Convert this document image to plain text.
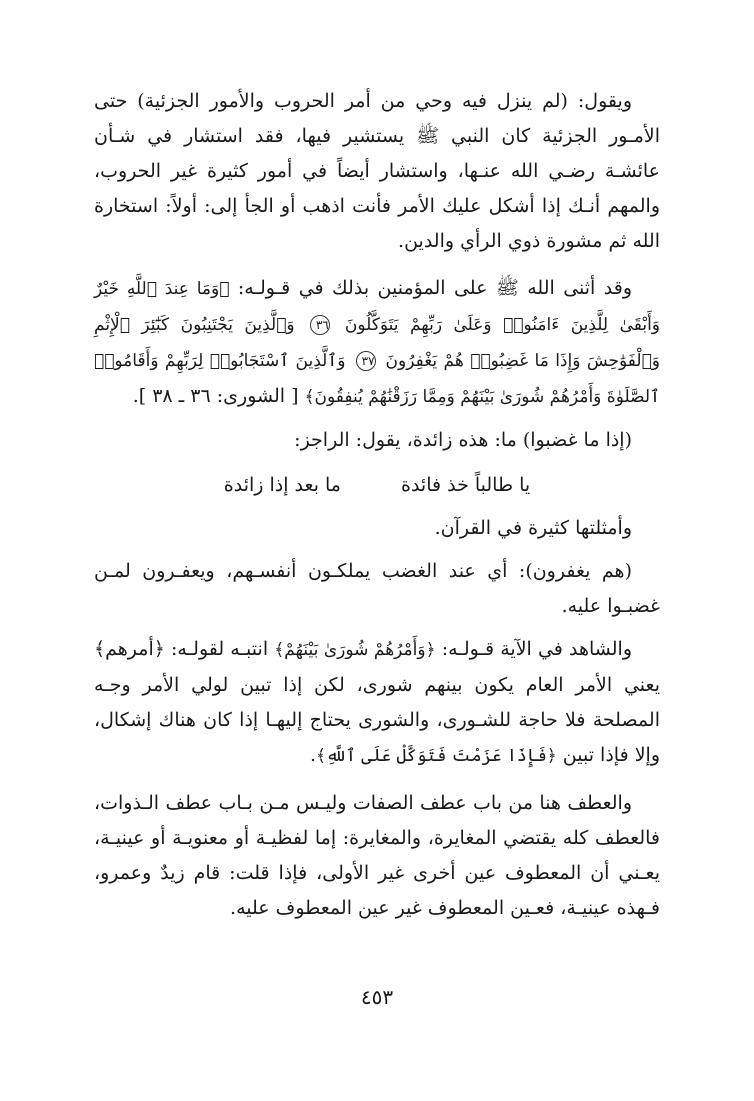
ويقول: (لم ينزل فيه وحي من أمر الحروب والأمور الجزئية) حتى الأمـور الجزئية كان النبي ﷺ يستشير فيها، فقد استشار في شـأن عائشـة رضـي الله عنـها، واستشار أيضاً في أمور كثيرة غير الحروب، والمهم أنـك إذا أشكل عليك الأمر فأنت اذهب أو الجأ إلى: أولاً: استخارة الله ثم مشورة ذوي الرأي والدين.

وقد أثنى الله ﷺ على المؤمنين بذلك في قـولـه: ﴿وَمَا عِندَ ٱللَّهِ خَيْرٌ وَأَبْقَىٰ لِلَّذِينَ ءَامَنُوا۟ وَعَلَىٰ رَبِّهِمْ يَتَوَكَّلُونَ ٣٦ وَٱلَّذِينَ يَجْتَنِبُونَ كَبَٰٓئِرَ ٱلْإِثْمِ وَٱلْفَوَٰحِشَ وَإِذَا مَا غَضِبُوا۟ هُمْ يَغْفِرُونَ ٣٧ وَٱلَّذِينَ ٱسْتَجَابُوا۟ لِرَبِّهِمْ وَأَقَامُوا۟ ٱلصَّلَوٰةَ وَأَمْرُهُمْ شُورَىٰ بَيْنَهُمْ وَمِمَّا رَزَقْنَٰهُمْ يُنفِقُونَ﴾ [ الشورى: ٣٦ ـ ٣٨ ].

(إذا ما غضبوا) ما: هذه زائدة، يقول: الراجز:

يا طالباً خذ فائدة
ما بعد إذا زائدة

وأمثلتها كثيرة في القرآن.

(هم يغفرون): أي عند الغضب يملكـون أنفسـهم، ويعفـرون لمـن غضبـوا عليه.

والشاهد في الآية قـولـه: ﴿وَأَمْرُهُمْ شُورَىٰ بَيْنَهُمْ﴾ انتبـه لقولـه: ﴿أمرهم﴾ يعني الأمر العام يكون بينهم شورى، لكن إذا تبين لولي الأمر وجـه المصلحة فلا حاجة للشـورى، والشورى يحتاج إليهـا إذا كان هناك إشكال، وإلا فإذا تبين ﴿فَإِذَا عَزَمْتَ فَتَوَكَّلْ عَلَى ٱللَّهِ﴾.

والعطف هنا من باب عطف الصفات وليـس مـن بـاب عطف الـذوات، فالعطف كله يقتضي المغايرة، والمغايرة: إما لفظيـة أو معنويـة أو عينيـة، يعـني أن المعطوف عين أخرى غير الأولى، فإذا قلت: قام زيدٌ وعمرو، فـهذه عينيـة، فعـين المعطوف غير عين المعطوف عليه.

٤٥٣
